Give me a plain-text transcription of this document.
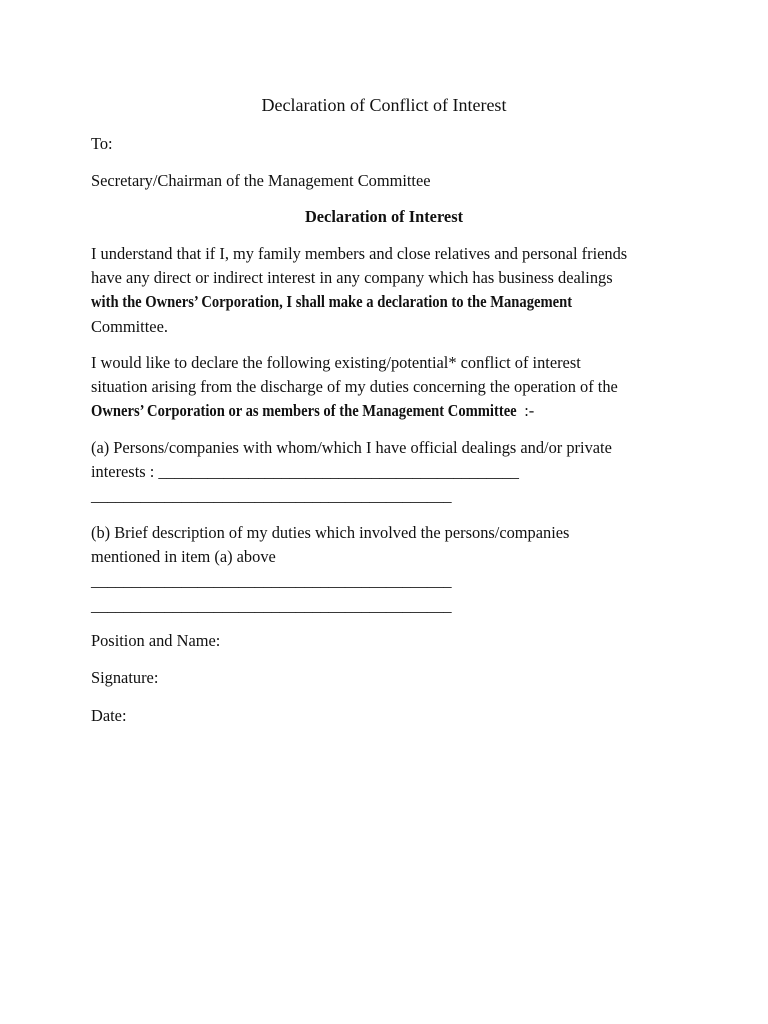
Declaration of Conflict of Interest

To:

Secretary/Chairman of the Management Committee

Declaration of Interest

I understand that if I, my family members and close relatives and personal friends
have any direct or indirect interest in any company which has business dealings
with the Owners’ Corporation, I shall make a declaration to the Management
Committee.
I would like to declare the following existing/potential* conflict of interest
situation arising from the discharge of my duties concerning the operation of the
Owners’ Corporation or as members of the Management Committee :-
(a) Persons/companies with whom/which I have official dealings and/or private
interests : ____________________________________________
____________________________________________
(b) Brief description of my duties which involved the persons/companies
mentioned in item (a) above
____________________________________________
____________________________________________

Position and Name:

Signature:

Date:
